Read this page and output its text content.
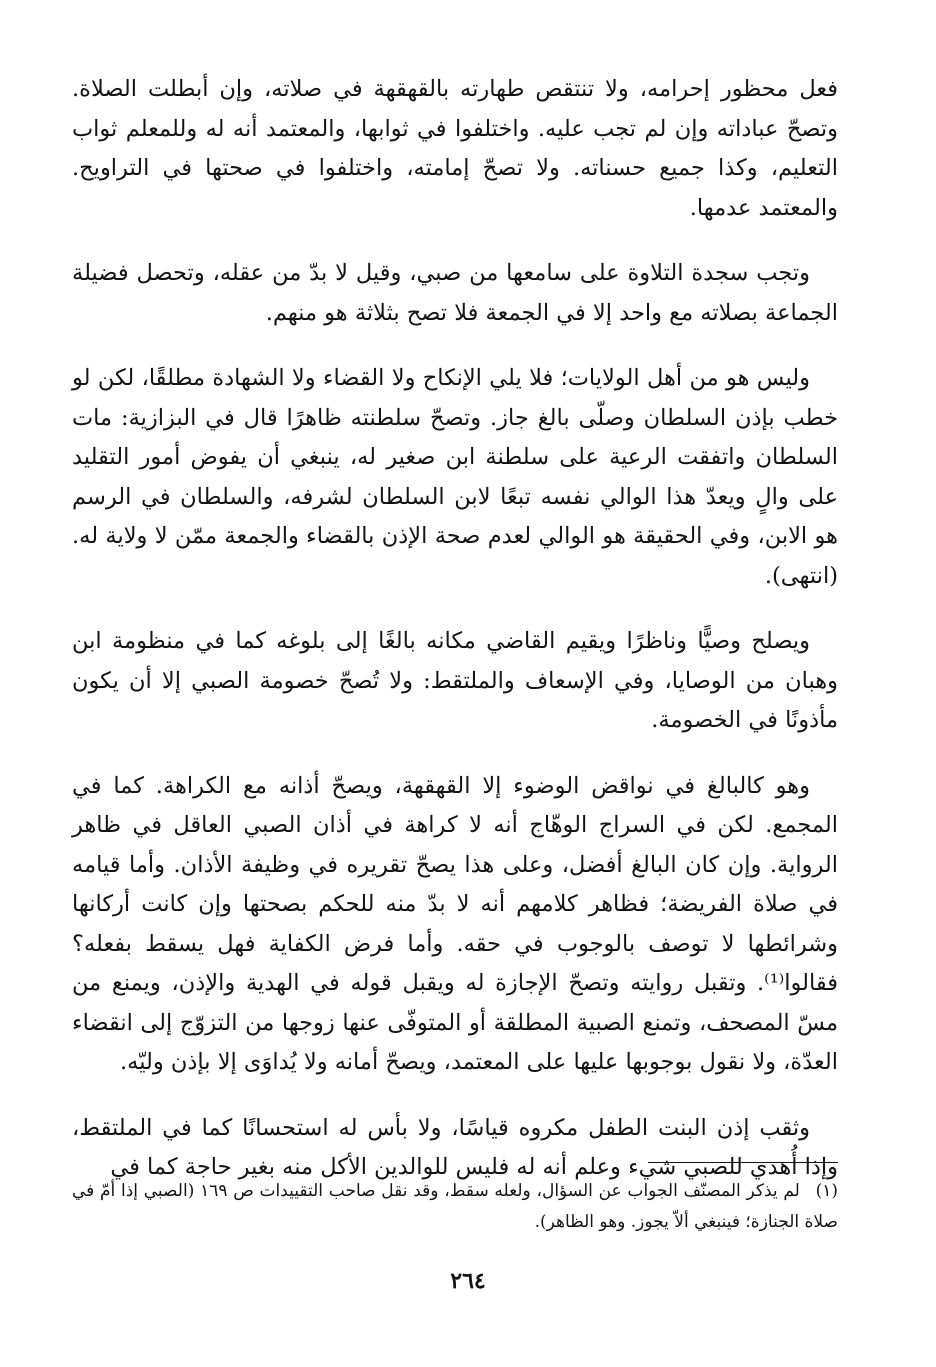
فعل محظور إحرامه، ولا تنتقص طهارته بالقهقهة في صلاته، وإن أبطلت الصلاة. وتصحّ عباداته وإن لم تجب عليه. واختلفوا في ثوابها، والمعتمد أنه له وللمعلم ثواب التعليم، وكذا جميع حسناته. ولا تصحّ إمامته، واختلفوا في صحتها في التراويح. والمعتمد عدمها.

وتجب سجدة التلاوة على سامعها من صبي، وقيل لا بدّ من عقله، وتحصل فضيلة الجماعة بصلاته مع واحد إلا في الجمعة فلا تصح بثلاثة هو منهم.

وليس هو من أهل الولايات؛ فلا يلي الإنكاح ولا القضاء ولا الشهادة مطلقًا، لكن لو خطب بإذن السلطان وصلّى بالغ جاز. وتصحّ سلطنته ظاهرًا قال في البزازية: مات السلطان واتفقت الرعية على سلطنة ابن صغير له، ينبغي أن يفوض أمور التقليد على والٍ ويعدّ هذا الوالي نفسه تبعًا لابن السلطان لشرفه، والسلطان في الرسم هو الابن، وفي الحقيقة هو الوالي لعدم صحة الإذن بالقضاء والجمعة ممّن لا ولاية له. (انتهى).

ويصلح وصيًّا وناظرًا ويقيم القاضي مكانه بالغًا إلى بلوغه كما في منظومة ابن وهبان من الوصايا، وفي الإسعاف والملتقط: ولا تُصحّ خصومة الصبي إلا أن يكون مأذونًا في الخصومة.

وهو كالبالغ في نواقض الوضوء إلا القهقهة، ويصحّ أذانه مع الكراهة. كما في المجمع. لكن في السراج الوهّاج أنه لا كراهة في أذان الصبي العاقل في ظاهر الرواية. وإن كان البالغ أفضل، وعلى هذا يصحّ تقريره في وظيفة الأذان. وأما قيامه في صلاة الفريضة؛ فظاهر كلامهم أنه لا بدّ منه للحكم بصحتها وإن كانت أركانها وشرائطها لا توصف بالوجوب في حقه. وأما فرض الكفاية فهل يسقط بفعله؟ فقالوا⁽¹⁾. وتقبل روايته وتصحّ الإجازة له ويقبل قوله في الهدية والإذن، ويمنع من مسّ المصحف، وتمنع الصبية المطلقة أو المتوفّى عنها زوجها من التزوّج إلى انقضاء العدّة، ولا نقول بوجوبها عليها على المعتمد، ويصحّ أمانه ولا يُداوَى إلا بإذن وليّه.

وثقب إذن البنت الطفل مكروه قياسًا، ولا بأس له استحسانًا كما في الملتقط، وإذا أُهدي للصبي شيء وعلم أنه له فليس للوالدين الأكل منه بغير حاجة كما في

(١) لم يذكر المصنّف الجواب عن السؤال، ولعله سقط، وقد نقل صاحب التقييدات ص ١٦٩ (الصبي إذا أمّ في صلاة الجنازة؛ فينبغي ألاّ يجوز. وهو الظاهر).
٢٦٤
